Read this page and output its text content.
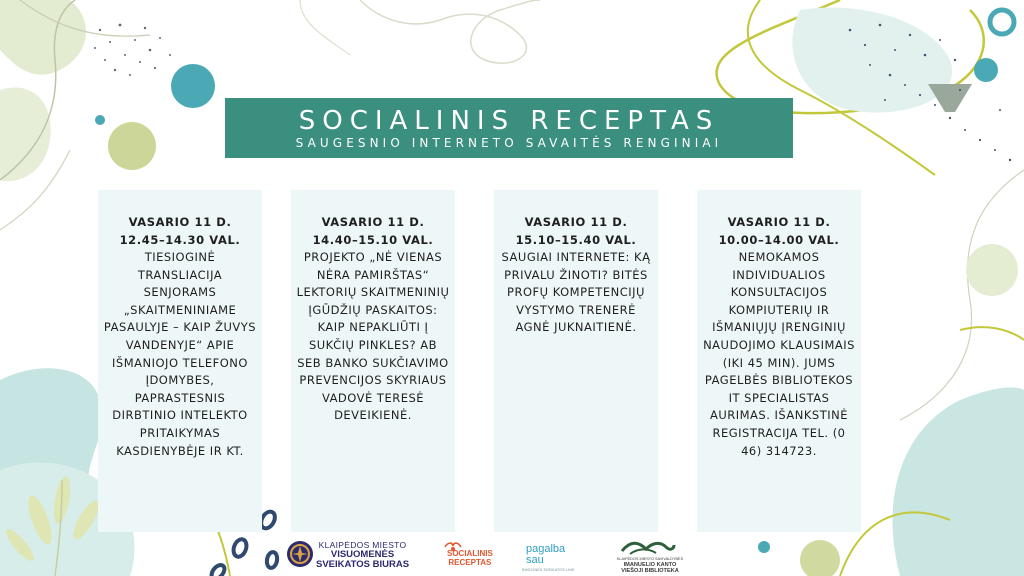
SOCIALINIS RECEPTAS
SAUGESNIO INTERNETO SAVAITĖS RENGINIAI
VASARIO 11 D.
12.45–14.30 VAL.
TIESIOGINĖ TRANSLIACIJA SENJORAMS „SKAITMENINIAME PASAULYJE – KAIP ŽUVYS VANDENYJE“ APIE IŠMANIOJO TELEFONO ĮDOMYBES, PAPRASTESNIS DIRBTINIO INTELEKTO PRITAIKYMAS KASDIENYBĖJE IR KT.
VASARIO 11 D.
14.40–15.10 VAL.
PROJEKTO „NĖ VIENAS NĖRA PAMIRŠTAS“ LEKTORIŲ SKAITMENINIŲ ĮGŪDŽIŲ PASKAITOS: KAIP NEPAKLIŪTI Į SUKČIŲ PINKLES? AB SEB BANKO SUKČIAVIMO PREVENCIJOS SKYRIAUS VADOVĖ TERESĖ DEVEIKIENĖ.
VASARIO 11 D.
15.10–15.40 VAL.
SAUGIAI INTERNETE: KĄ PRIVALU ŽINOTI? BITĖS PROFŲ KOMPETENCIJŲ VYSTYMO TRENERĖ AGNĖ JUKNAITIENĖ.
VASARIO 11 D.
10.00–14.00 VAL.
NEMOKAMOS INDIVIDUALIOS KONSULTACIJOS KOMPIUTERIŲ IR IŠMANIŲJŲ ĮRENGINIŲ NAUDOJIMO KLAUSIMAIS (IKI 45 MIN). JUMS PAGELBĖS BIBLIOTEKOS IT SPECIALISTAS AURIMAS. IŠANKSTINĖ REGISTRACIJA TEL. (0 46) 314723.
KLAIPĖDOS MIESTO
VISUOMENĖS
SVEIKATOS BIURAS
SOCIALINIS
RECEPTAS
pagalba
sau
EMOCINĖS SVEIKATOS LINK
KLAIPĖDOS MIESTO SAVIVALDYBĖS
IMANUELIO KANTO
VIEŠOJI BIBLIOTEKA
